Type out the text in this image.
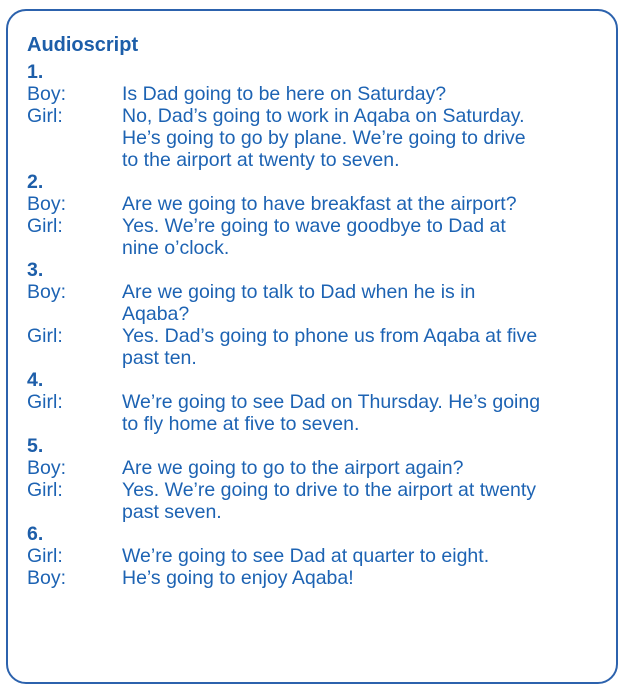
Audioscript
1.
Boy:	Is Dad going to be here on Saturday?
Girl:	No, Dad’s going to work in Aqaba on Saturday.
He’s going to go by plane. We’re going to drive
to the airport at twenty to seven.
2.
Boy:	Are we going to have breakfast at the airport?
Girl:	Yes. We’re going to wave goodbye to Dad at
nine o’clock.
3.
Boy:	Are we going to talk to Dad when he is in
Aqaba?
Girl:	Yes. Dad’s going to phone us from Aqaba at five
past ten.
4.
Girl:	We’re going to see Dad on Thursday. He’s going
to fly home at five to seven.
5.
Boy:	Are we going to go to the airport again?
Girl:	Yes. We’re going to drive to the airport at twenty
past seven.
6.
Girl:	We’re going to see Dad at quarter to eight.
Boy:	He’s going to enjoy Aqaba!
